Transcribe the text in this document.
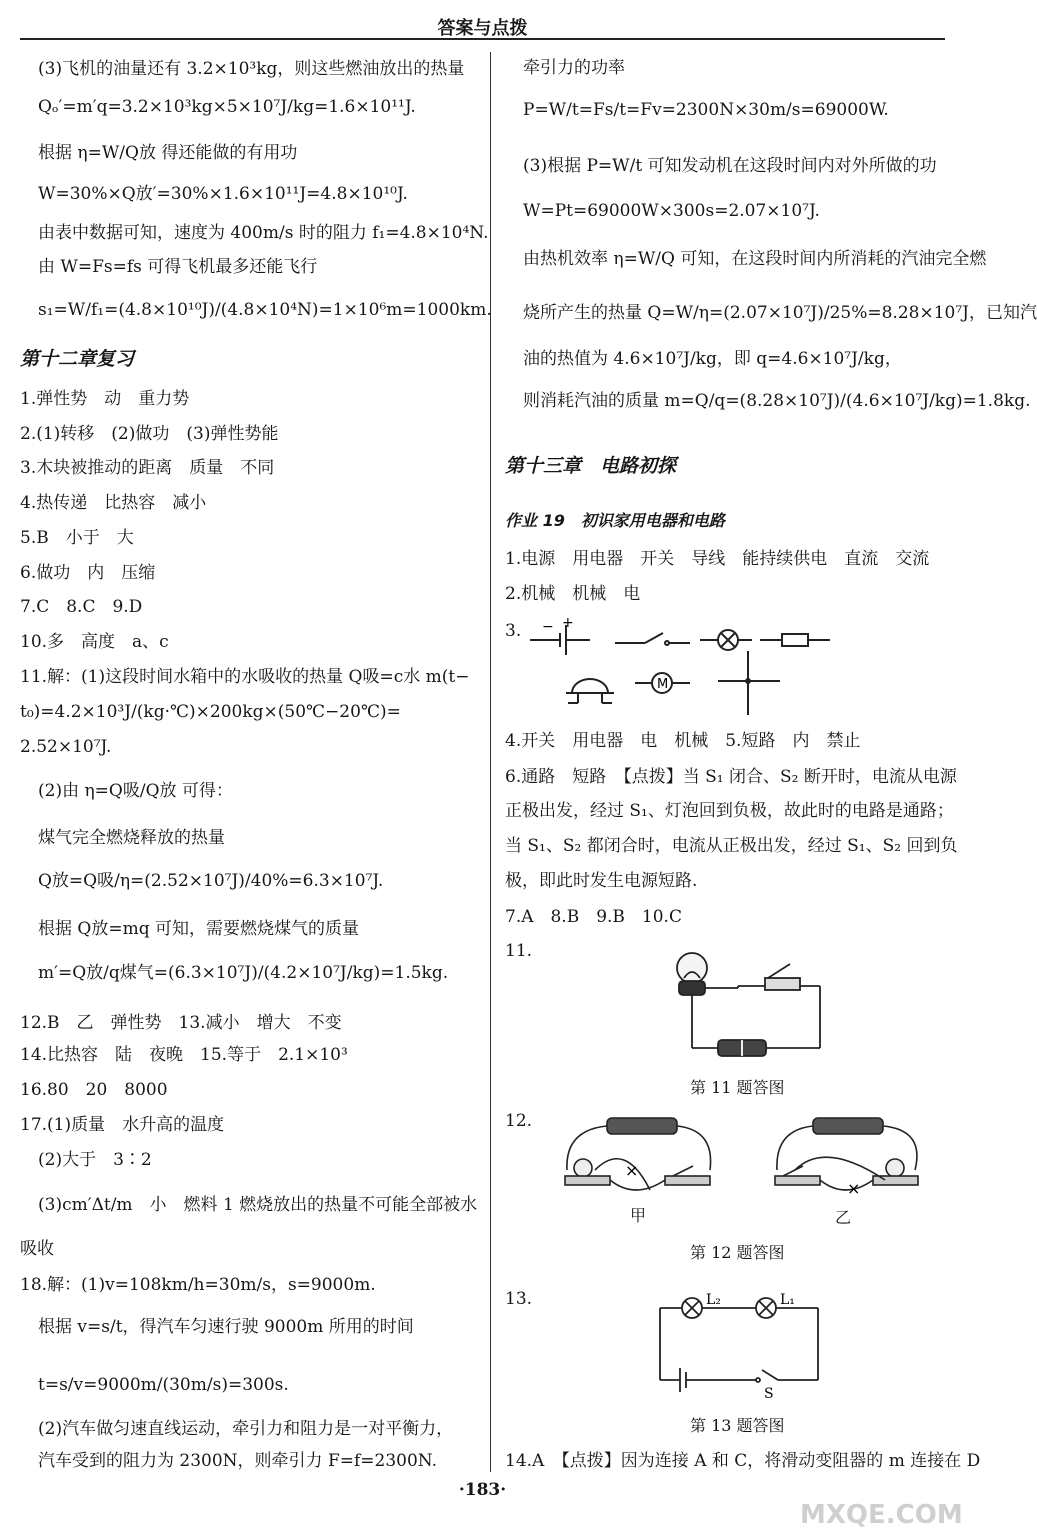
答案与点拨
(3)飞机的油量还有 3.2×10³kg，则这些燃油放出的热量
Qₒ′=m′q=3.2×10³kg×5×10⁷J/kg=1.6×10¹¹J.
根据 η=W/Q放 得还能做的有用功
W=30%×Q放′=30%×1.6×10¹¹J=4.8×10¹⁰J.
由表中数据可知，速度为 400m/s 时的阻力 f₁=4.8×10⁴N.
由 W=Fs=fs 可得飞机最多还能飞行
s₁=W/f₁=(4.8×10¹⁰J)/(4.8×10⁴N)=1×10⁶m=1000km.
第十二章复习
1.弹性势　动　重力势
2.(1)转移　(2)做功　(3)弹性势能
3.木块被推动的距离　质量　不同
4.热传递　比热容　减小
5.B　小于　大
6.做功　内　压缩
7.C　8.C　9.D
10.多　高度　a、c
11.解：(1)这段时间水箱中的水吸收的热量 Q吸=c水 m(t−
t₀)=4.2×10³J/(kg·℃)×200kg×(50℃−20℃)=
2.52×10⁷J.
(2)由 η=Q吸/Q放 可得：
煤气完全燃烧释放的热量
Q放=Q吸/η=(2.52×10⁷J)/40%=6.3×10⁷J.
根据 Q放=mq 可知，需要燃烧煤气的质量
m′=Q放/q煤气=(6.3×10⁷J)/(4.2×10⁷J/kg)=1.5kg.
12.B　乙　弹性势　13.减小　增大　不变
14.比热容　陆　夜晚　15.等于　2.1×10³
16.80　20　8000
17.(1)质量　水升高的温度
(2)大于　3∶2
(3)cm′Δt/m　小　燃料 1 燃烧放出的热量不可能全部被水
吸收
18.解：(1)v=108km/h=30m/s，s=9000m.
根据 v=s/t，得汽车匀速行驶 9000m 所用的时间
t=s/v=9000m/(30m/s)=300s.
(2)汽车做匀速直线运动，牵引力和阻力是一对平衡力，
汽车受到的阻力为 2300N，则牵引力 F=f=2300N.
牵引力的功率
P=W/t=Fs/t=Fv=2300N×30m/s=69000W.
(3)根据 P=W/t 可知发动机在这段时间内对外所做的功
W=Pt=69000W×300s=2.07×10⁷J.
由热机效率 η=W/Q 可知，在这段时间内所消耗的汽油完全燃
烧所产生的热量 Q=W/η=(2.07×10⁷J)/25%=8.28×10⁷J，已知汽
油的热值为 4.6×10⁷J/kg，即 q=4.6×10⁷J/kg，
则消耗汽油的质量 m=Q/q=(8.28×10⁷J)/(4.6×10⁷J/kg)=1.8kg.
第十三章　电路初探
作业 19　初识家用电器和电路
1.电源　用电器　开关　导线　能持续供电　直流　交流
2.机械　机械　电
3.
4.开关　用电器　电　机械　5.短路　内　禁止
6.通路　短路　【点拨】当 S₁ 闭合、S₂ 断开时，电流从电源
正极出发，经过 S₁、灯泡回到负极，故此时的电路是通路；
当 S₁、S₂ 都闭合时，电流从正极出发，经过 S₁、S₂ 回到负
极，即此时发生电源短路.
7.A　8.B　9.B　10.C
11.
12.
13.
14.A　【点拨】因为连接 A 和 C，将滑动变阻器的 m 连接在 D
− +
M
第 11 题答图
×
甲
×
乙
第 12 题答图
L₂	L₁
S
第 13 题答图
·183·
MXQE.COM
